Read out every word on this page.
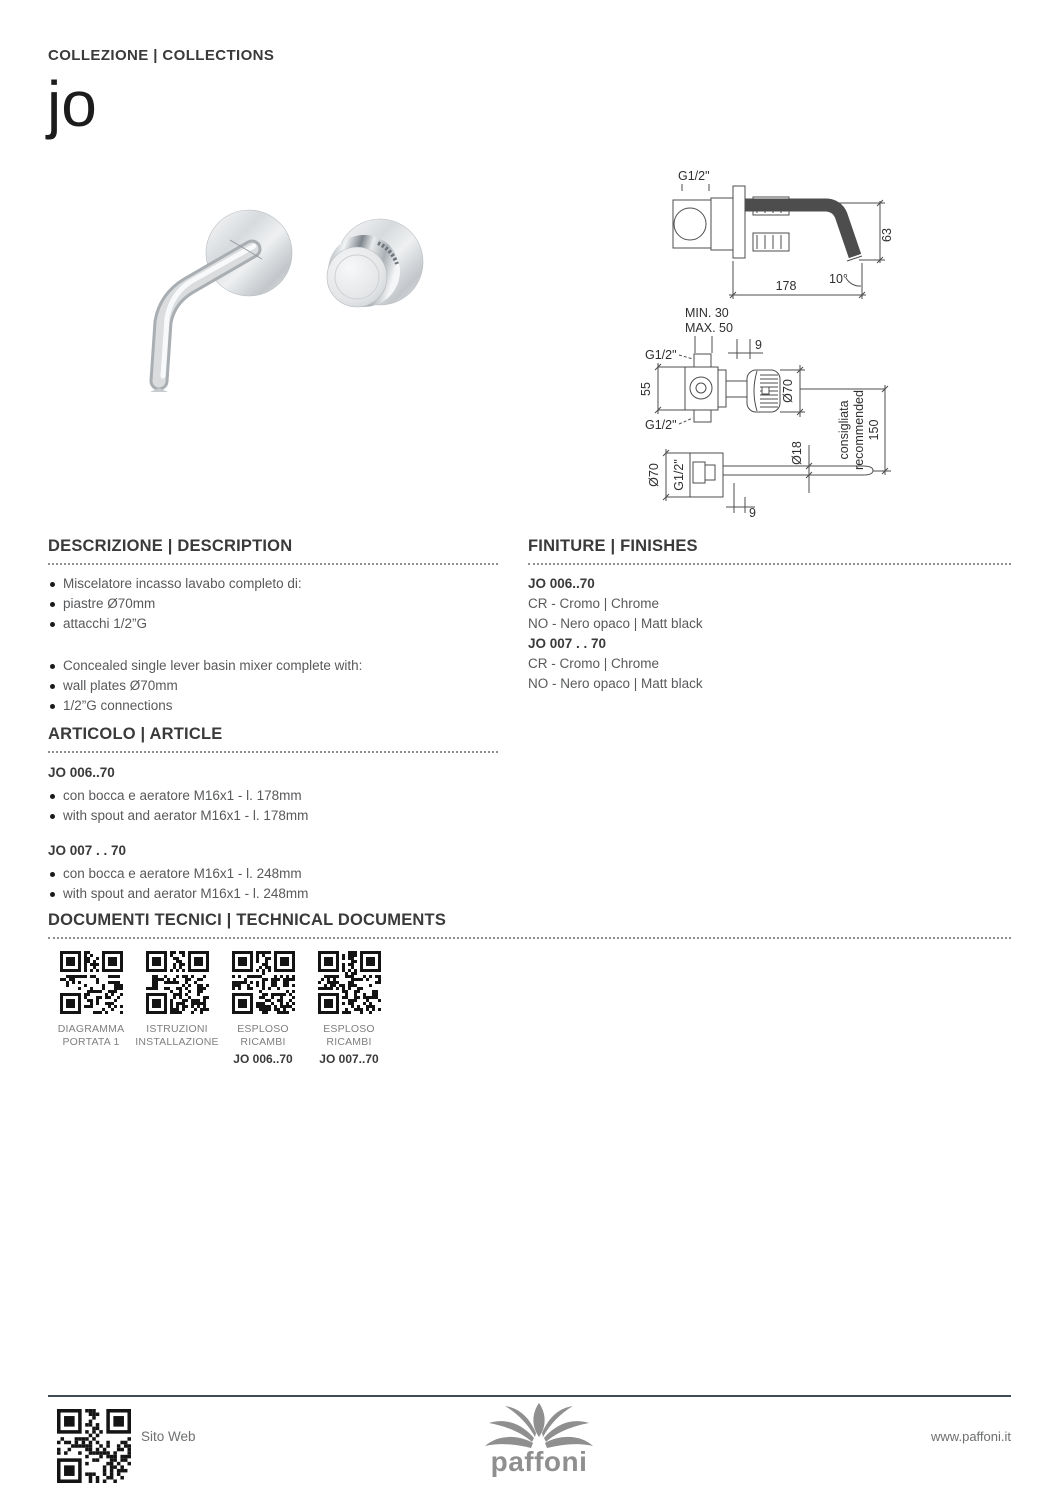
COLLEZIONE | COLLECTIONS
jo
G1/2"
63
178	10°
MIN. 30
MAX. 50
9
G1/2"
G1/2"
55	Ø70
Ø70 G1/2"
Ø18	consigliata recommended 150
9
DESCRIZIONE | DESCRIPTION
Miscelatore incasso lavabo completo di:
piastre Ø70mm
attacchi 1/2”G
Concealed single lever basin mixer complete with:
wall plates Ø70mm
1/2”G connections
FINITURE | FINISHES
JO 006..70
CR - Cromo | Chrome
NO - Nero opaco | Matt black
JO 007 . . 70
CR - Cromo | Chrome
NO - Nero opaco | Matt black
ARTICOLO | ARTICLE
JO 006..70
con bocca e aeratore M16x1 - l. 178mm
with spout and aerator M16x1 - l. 178mm
JO 007 . . 70
con bocca e aeratore M16x1 - l. 248mm
with spout and aerator M16x1 - l. 248mm
DOCUMENTI TECNICI | TECHNICAL DOCUMENTS
DIAGRAMMA
PORTATA 1
ISTRUZIONI
INSTALLAZIONE
ESPLOSO
RICAMBI
JO 006..70
ESPLOSO
RICAMBI
JO 007..70
Sito Web
paffoni
www.paffoni.it
